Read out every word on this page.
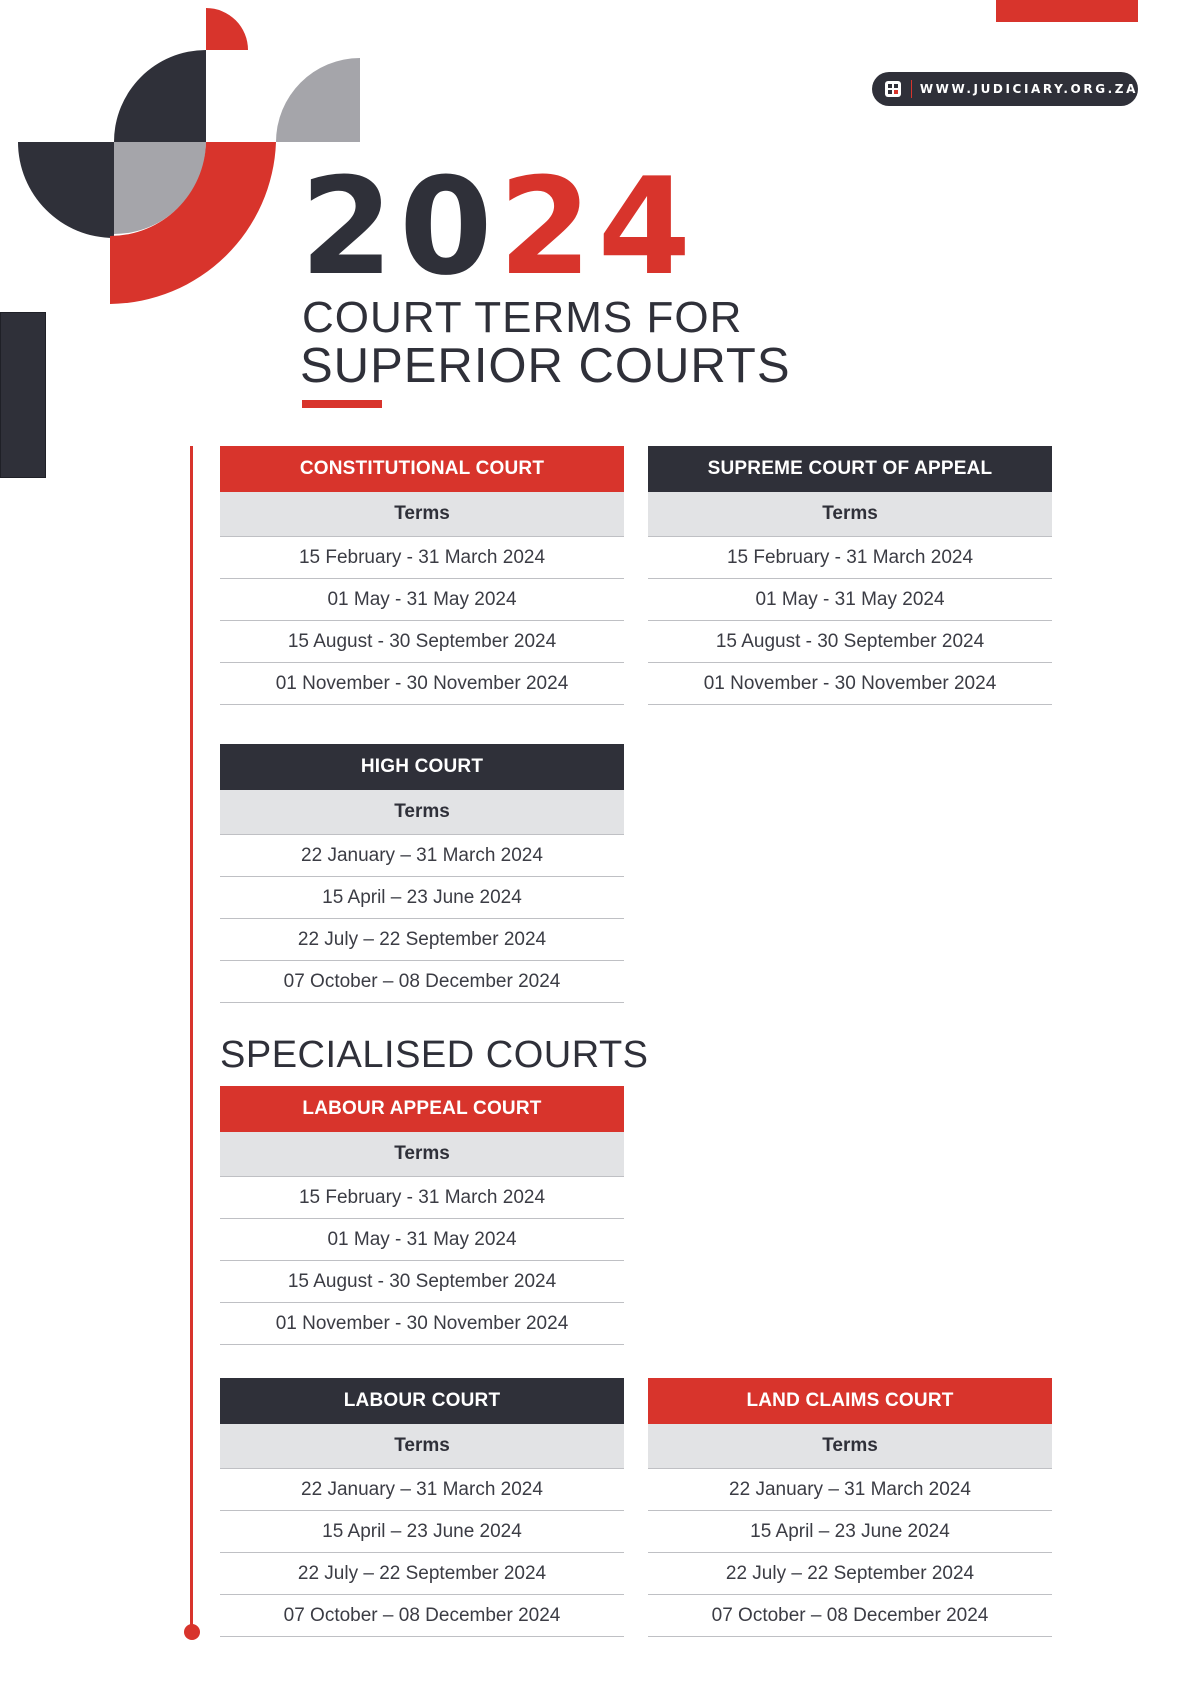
WWW.JUDICIARY.ORG.ZA
2024
COURT TERMS FOR
SUPERIOR COURTS
CONSTITUTIONAL COURT
Terms
15 February - 31 March 2024
01 May - 31 May 2024
15 August - 30 September 2024
01 November - 30 November 2024
SUPREME COURT OF APPEAL
Terms
15 February - 31 March 2024
01 May - 31 May 2024
15 August - 30 September 2024
01 November - 30 November 2024
HIGH COURT
Terms
22 January – 31 March 2024
15 April – 23 June 2024
22 July – 22 September 2024
07 October – 08 December 2024
SPECIALISED COURTS
LABOUR APPEAL COURT
Terms
15 February - 31 March 2024
01 May - 31 May 2024
15 August - 30 September 2024
01 November - 30 November 2024
LABOUR COURT
Terms
22 January – 31 March 2024
15 April – 23 June 2024
22 July – 22 September 2024
07 October – 08 December 2024
LAND CLAIMS COURT
Terms
22 January – 31 March 2024
15 April – 23 June 2024
22 July – 22 September 2024
07 October – 08 December 2024
